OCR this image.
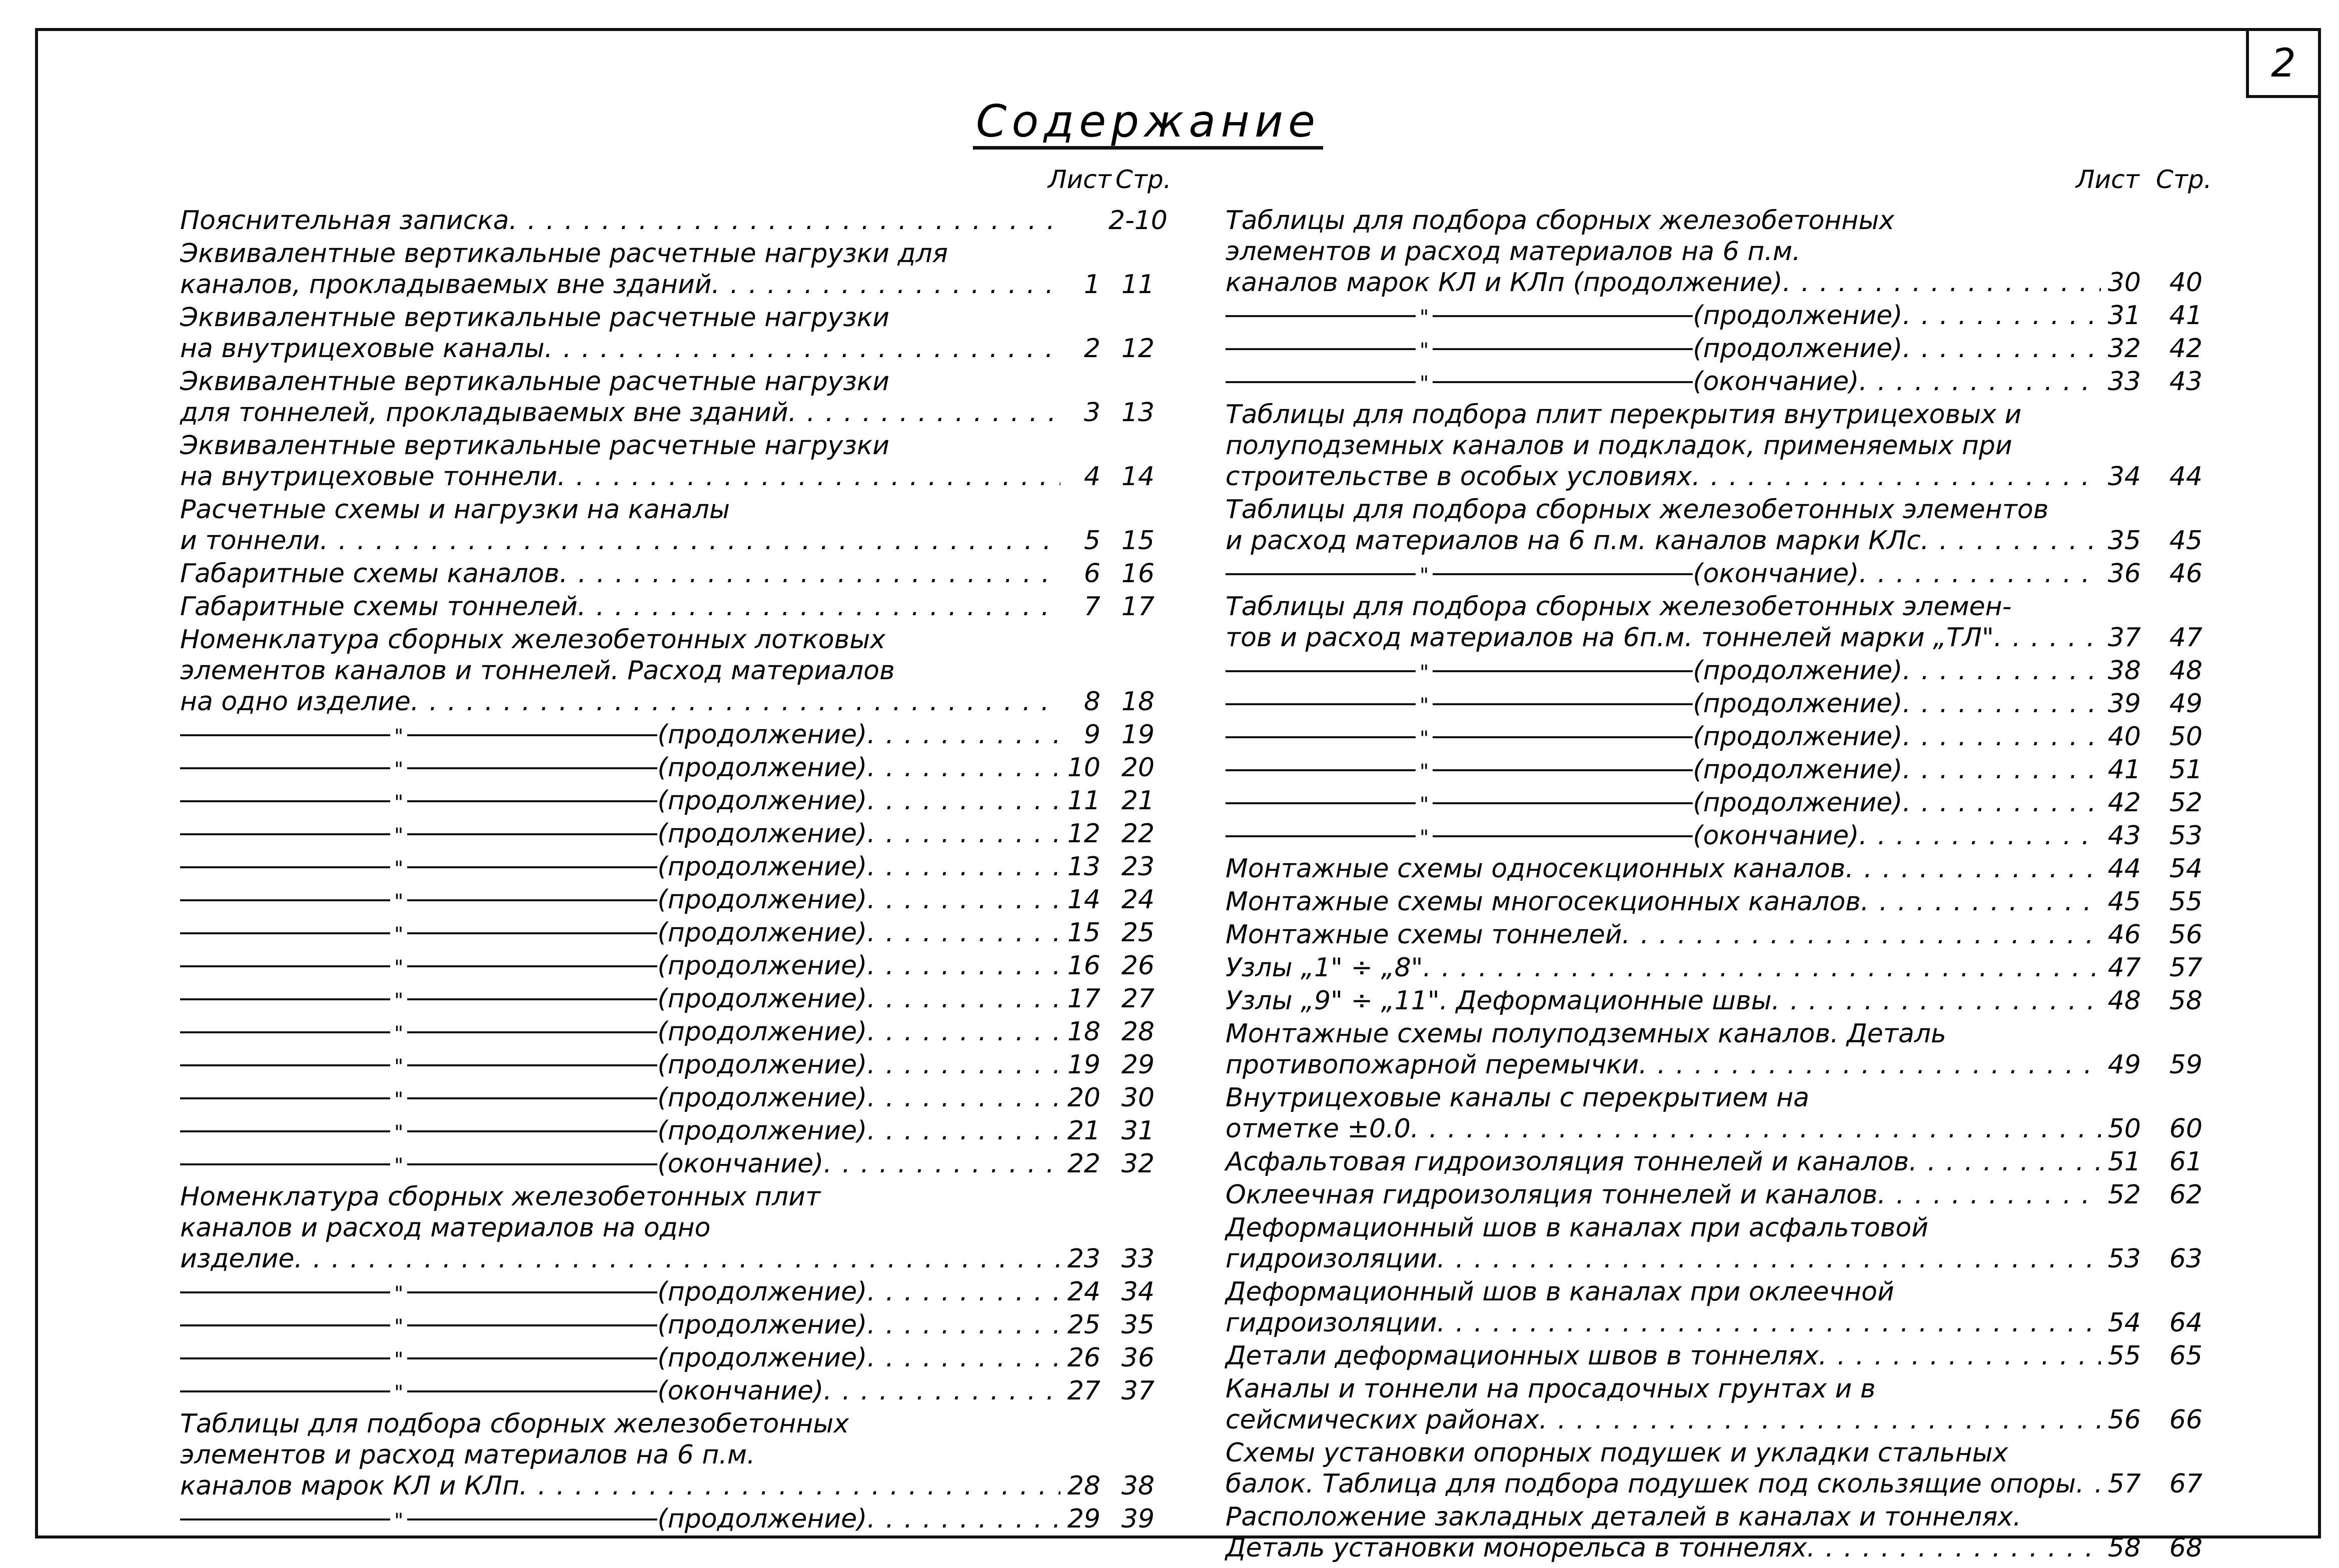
2
Содержание
Лист Стр.	Лист Стр.
Пояснительная записка . . .	2-10
Эквивалентные вертикальные расчетные нагрузки для
каналов, прокладываемых вне зданий . . .	1 11
Эквивалентные вертикальные расчетные нагрузки
на внутрицеховые каналы . . .	2 12
Эквивалентные вертикальные расчетные нагрузки
для тоннелей, прокладываемых вне зданий . . .	3 13
Эквивалентные вертикальные расчетные нагрузки
на внутрицеховые тоннели . . .	4 14
Расчетные схемы и нагрузки на каналы
и тоннели . . .	5 15
Габаритные схемы каналов . . .	6 16
Габаритные схемы тоннелей . . .	7 17
Номенклатура сборных железобетонных лотковых
элементов каналов и тоннелей. Расход материалов
на одно изделие . . .	8 18
"	(продолжение) . . .	9 19
"	(продолжение) . . .	10 20
"	(продолжение) . . .	11 21
"	(продолжение) . . .	12 22
"	(продолжение) . . .	13 23
"	(продолжение) . . .	14 24
"	(продолжение) . . .	15 25
"	(продолжение) . . .	16 26
"	(продолжение) . . .	17 27
"	(продолжение) . . .	18 28
"	(продолжение) . . .	19 29
"	(продолжение) . . .	20 30
"	(продолжение) . . .	21 31
"	(окончание) . . .	22 32
Номенклатура сборных железобетонных плит
каналов и расход материалов на одно
изделие . . .	23 33
"	(продолжение) . . .	24 34
"	(продолжение) . . .	25 35
"	(продолжение) . . .	26 36
"	(окончание) . . .	27 37
Таблицы для подбора сборных железобетонных
элементов и расход материалов на 6 п.м.
каналов марок КЛ и КЛп . . .	28 38
"	(продолжение) . . .	29 39
Таблицы для подбора сборных железобетонных
элементов и расход материалов на 6 п.м.
каналов марок КЛ и КЛп (продолжение) . . .	30	40
"	(продолжение) . . .	31	41
"	(продолжение) . . .	32	42
"	(окончание) . . .	33	43
Таблицы для подбора плит перекрытия внутрицеховых и
полуподземных каналов и подкладок, применяемых при
строительстве в особых условиях . . .	34	44
Таблицы для подбора сборных железобетонных элементов
и расход материалов на 6 п.м. каналов марки КЛс . . .	35	45
"	(окончание) . . .	36	46
Таблицы для подбора сборных железобетонных элемен-
тов и расход материалов на 6п.м. тоннелей марки „ТЛ" . . .	37	47
"	(продолжение) . . .	38	48
"	(продолжение) . . .	39	49
"	(продолжение) . . .	40	50
"	(продолжение) . . .	41	51
"	(продолжение) . . .	42	52
"	(окончание) . . .	43	53
Монтажные схемы односекционных каналов . . .	44	54
Монтажные схемы многосекционных каналов . . .	45	55
Монтажные схемы тоннелей . . .	46	56
Узлы „1" ÷ „8" . . .	47	57
Узлы „9" ÷ „11". Деформационные швы . . .	48	58
Монтажные схемы полуподземных каналов. Деталь
противопожарной перемычки . . .	49	59
Внутрицеховые каналы с перекрытием на
отметке ±0.0 . . .	50	60
Асфальтовая гидроизоляция тоннелей и каналов . . .	51	61
Оклеечная гидроизоляция тоннелей и каналов . . .	52	62
Деформационный шов в каналах при асфальтовой
гидроизоляции . . .	53	63
Деформационный шов в каналах при оклеечной
гидроизоляции . . .	54	64
Детали деформационных швов в тоннелях . . .	55	65
Каналы и тоннели на просадочных грунтах и в
сейсмических районах . . .	56	66
Схемы установки опорных подушек и укладки стальных
балок. Таблица для подбора подушек под скользящие опоры . . . 57	67
Расположение закладных деталей в каналах и тоннелях.
Деталь установки монорельса в тоннелях . . .	58	68
